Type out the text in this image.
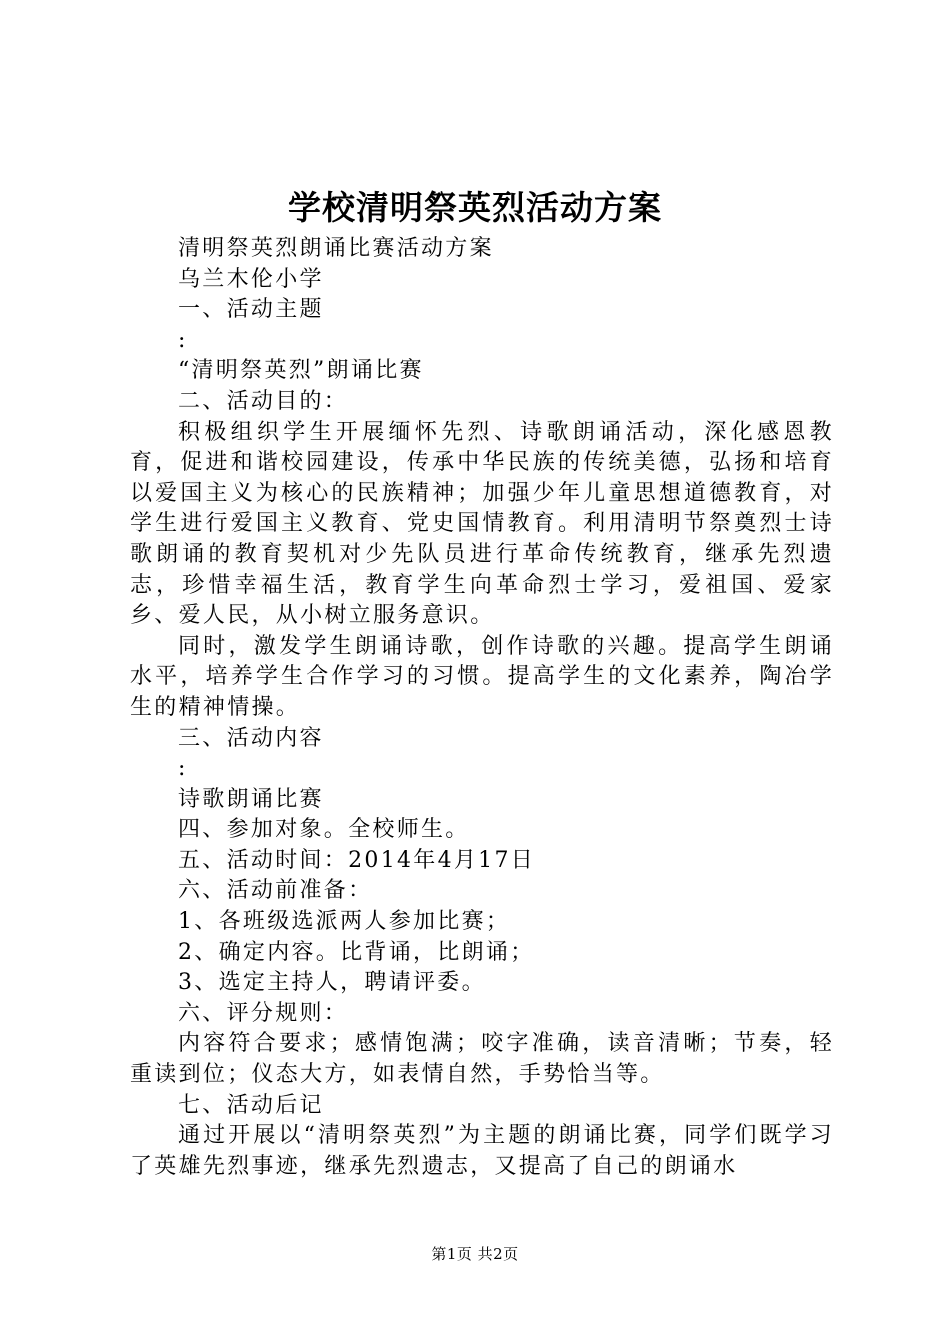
学校清明祭英烈活动方案
清明祭英烈朗诵比赛活动方案
乌兰木伦小学
一、活动主题
:
“清明祭英烈”朗诵比赛
二、活动目的：

积极组织学生开展缅怀先烈、诗歌朗诵活动，深化感恩教育，促进和谐校园建设，传承中华民族的传统美德，弘扬和培育以爱国主义为核心的民族精神；加强少年儿童思想道德教育，对学生进行爱国主义教育、党史国情教育。利用清明节祭奠烈士诗歌朗诵的教育契机对少先队员进行革命传统教育，继承先烈遗志，珍惜幸福生活，教育学生向革命烈士学习，爱祖国、爱家乡、爱人民，从小树立服务意识。

同时，激发学生朗诵诗歌，创作诗歌的兴趣。提高学生朗诵水平，培养学生合作学习的习惯。提高学生的文化素养，陶冶学生的精神情操。

三、活动内容
:
诗歌朗诵比赛
四、参加对象。全校师生。
五、活动时间：2014年4月17日
六、活动前准备：
1、各班级选派两人参加比赛；
2、确定内容。比背诵，比朗诵；
3、选定主持人，聘请评委。
六、评分规则：

内容符合要求；感情饱满；咬字准确，读音清晰；节奏，轻重读到位；仪态大方，如表情自然，手势恰当等。

七、活动后记

通过开展以“清明祭英烈”为主题的朗诵比赛，同学们既学习了英雄先烈事迹，继承先烈遗志，又提高了自己的朗诵水

第1页 共2页
